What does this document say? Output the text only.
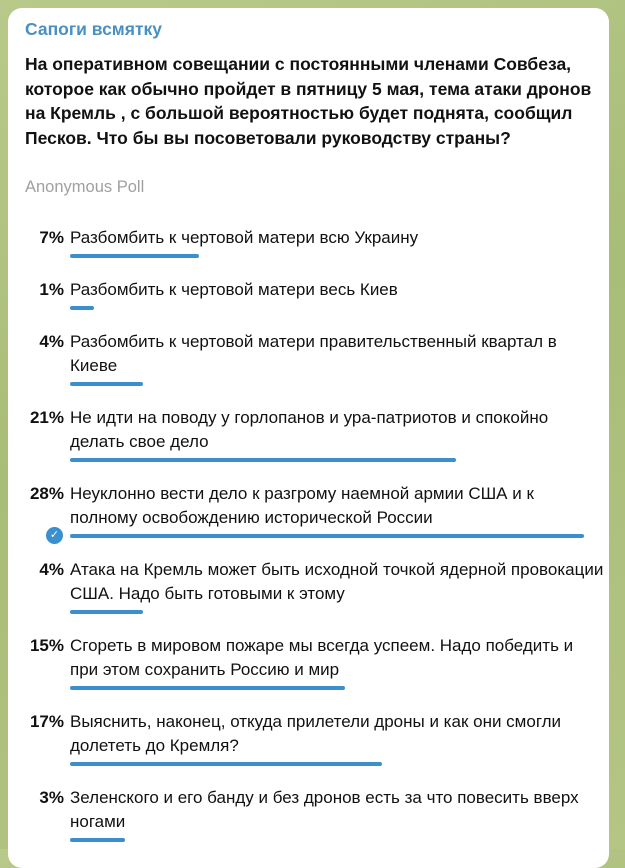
Сапоги всмятку
На оперативном совещании с постоянными членами Совбеза, которое как обычно пройдет в пятницу 5 мая, тема атаки дронов на Кремль , с большой вероятностью будет поднята, сообщил Песков. Что бы вы посоветовали руководству страны?
Anonymous Poll
7% Разбомбить к чертовой матери всю Украину
1% Разбомбить к чертовой матери весь Киев
4% Разбомбить к чертовой матери правительственный квартал в Киеве
21% Не идти на поводу у горлопанов и ура-патриотов и спокойно делать свое дело
28% Неуклонно вести дело к разгрому наемной армии США и к полному освобождению исторической России
✓
4% Атака на Кремль может быть исходной точкой ядерной провокации США. Надо быть готовыми к этому
15% Сгореть в мировом пожаре мы всегда успеем. Надо победить и при этом сохранить Россию и мир
17% Выяснить, наконец, откуда прилетели дроны и как они смогли долететь до Кремля?
3% Зеленского и его банду и без дронов есть за что повесить вверх ногами
